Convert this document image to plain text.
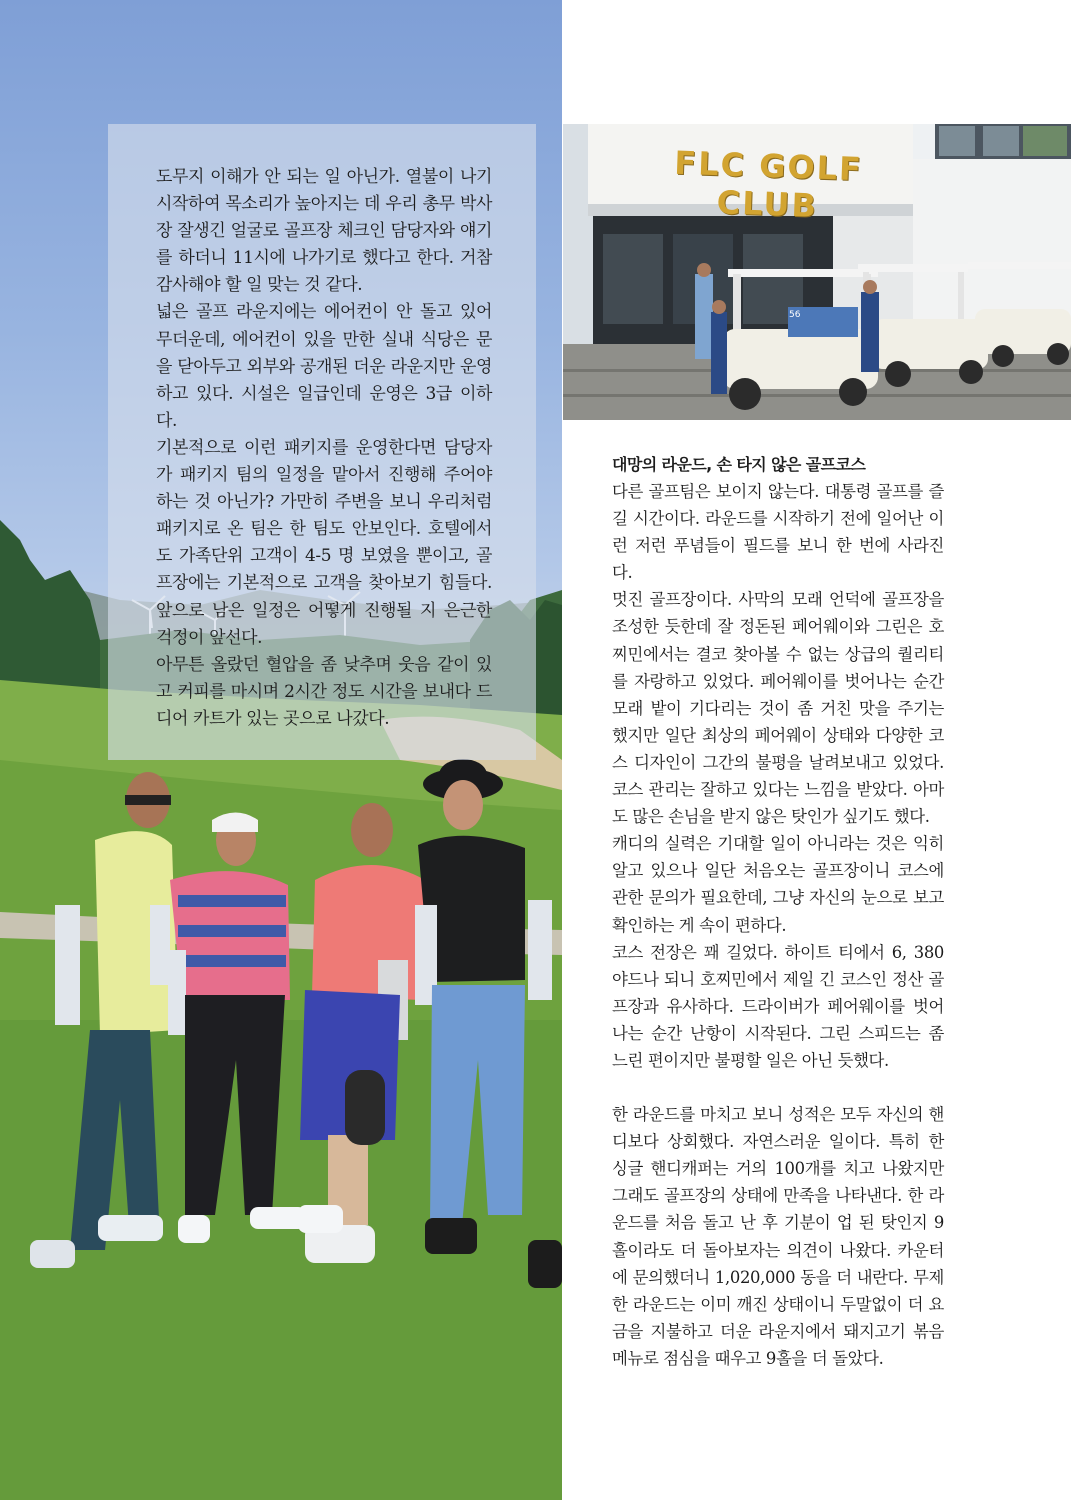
도무지 이해가 안 되는 일 아닌가. 열불이 나기 시작하여 목소리가 높아지는 데 우리 총무 박사장 잘생긴 얼굴로 골프장 체크인 담당자와 얘기를 하더니 11시에 나가기로 했다고 한다. 거참 감사해야 할 일 맞는 것 같다.

넓은 골프 라운지에는 에어컨이 안 돌고 있어 무더운데, 에어컨이 있을 만한 실내 식당은 문을 닫아두고 외부와 공개된 더운 라운지만 운영하고 있다. 시설은 일급인데 운영은 3급 이하다.

기본적으로 이런 패키지를 운영한다면 담당자가 패키지 팀의 일정을 맡아서 진행해 주어야 하는 것 아닌가? 가만히 주변을 보니 우리처럼 패키지로 온 팀은 한 팀도 안보인다. 호텔에서도 가족단위 고객이 4-5 명 보였을 뿐이고, 골프장에는 기본적으로 고객을 찾아보기 힘들다. 앞으로 남은 일정은 어떻게 진행될 지 은근한 걱정이 앞선다.

아무튼 올랐던 혈압을 좀 낮추며 웃음 같이 있고 커피를 마시며 2시간 정도 시간을 보내다 드디어 카트가 있는 곳으로 나갔다.

FLC GOLF CLUB
56

대망의 라운드, 손 타지 않은 골프코스

다른 골프팀은 보이지 않는다. 대통령 골프를 즐길 시간이다. 라운드를 시작하기 전에 일어난 이런 저런 푸념들이 필드를 보니 한 번에 사라진다.

멋진 골프장이다. 사막의 모래 언덕에 골프장을 조성한 듯한데 잘 정돈된 페어웨이와 그린은 호찌민에서는 결코 찾아볼 수 없는 상급의 퀄리티를 자랑하고 있었다. 페어웨이를 벗어나는 순간 모래 밭이 기다리는 것이 좀 거친 맛을 주기는 했지만 일단 최상의 페어웨이 상태와 다양한 코스 디자인이 그간의 불평을 날려보내고 있었다. 코스 관리는 잘하고 있다는 느낌을 받았다. 아마도 많은 손님을 받지 않은 탓인가 싶기도 했다.

캐디의 실력은 기대할 일이 아니라는 것은 익히 알고 있으나 일단 처음오는 골프장이니 코스에 관한 문의가 필요한데, 그냥 자신의 눈으로 보고 확인하는 게 속이 편하다.

코스 전장은 꽤 길었다. 하이트 티에서 6, 380 야드나 되니 호찌민에서 제일 긴 코스인 정산 골프장과 유사하다. 드라이버가 페어웨이를 벗어나는 순간 난항이 시작된다. 그린 스피드는 좀 느린 편이지만 불평할 일은 아닌 듯했다.

한 라운드를 마치고 보니 성적은 모두 자신의 핸디보다 상회했다. 자연스러운 일이다. 특히 한 싱글 핸디캐퍼는 거의 100개를 치고 나왔지만 그래도 골프장의 상태에 만족을 나타낸다. 한 라운드를 처음 돌고 난 후 기분이 업 된 탓인지 9홀이라도 더 돌아보자는 의견이 나왔다. 카운터에 문의했더니 1,020,000 동을 더 내란다. 무제한 라운드는 이미 깨진 상태이니 두말없이 더 요금을 지불하고 더운 라운지에서 돼지고기 볶음 메뉴로 점심을 때우고 9홀을 더 돌았다.
